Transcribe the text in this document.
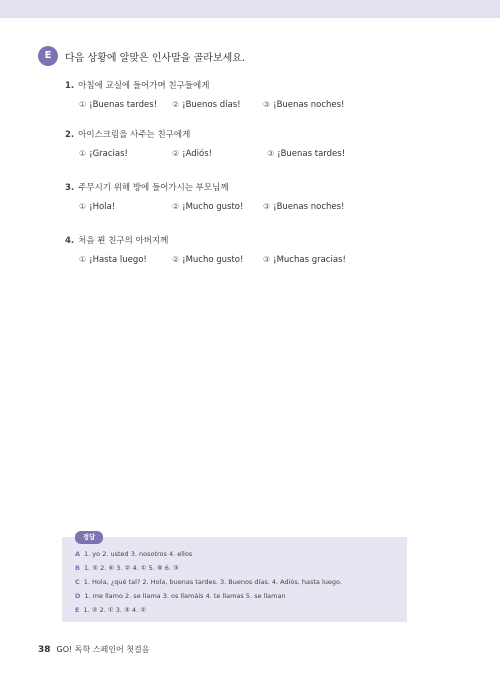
E	다음 상황에 알맞은 인사말을 골라보세요.
1. 아침에 교실에 들어가며 친구들에게
① ¡Buenas tardes! ② ¡Buenos días!	③ ¡Buenas noches!
2. 아이스크림을 사주는 친구에게
① ¡Gracias!	② ¡Adiós!	③ ¡Buenas tardes!
3. 주무시기 위해 방에 들어가시는 부모님께
① ¡Hola!	② ¡Mucho gusto! ③ ¡Buenas noches!
4. 처음 뵌 친구의 아버지께
① ¡Hasta luego!	② ¡Mucho gusto! ③ ¡Muchas gracias!
정답
A 1. yo 2. usted 3. nosotros 4. ellos
B 1. ⑤ 2. ⑥ 3. ② 4. ① 5. ⑧ 6. ③
C 1. Hola, ¿qué tal? 2. Hola, buenas tardes. 3. Buenos días. 4. Adiós, hasta luego.
D 1. me llamo 2. se llama 3. os llamáis 4. te llamas 5. se llaman
E 1. ② 2. ① 3. ③ 4. ②
38 GO! 독학 스페인어 첫걸음
